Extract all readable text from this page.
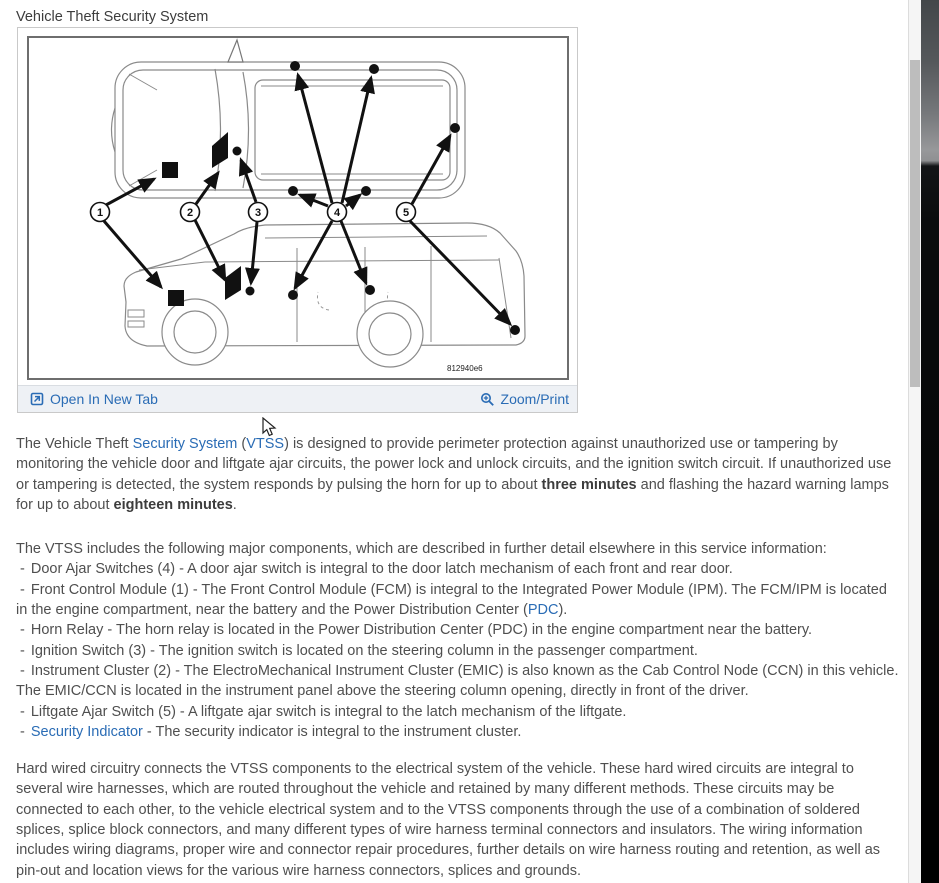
Vehicle Theft Security System
1	2	3	4	5
812940e6
Open In New Tab	Zoom/Print

The Vehicle Theft Security System (VTSS) is designed to provide perimeter protection against unauthorized use or tampering by monitoring the vehicle door and liftgate ajar circuits, the power lock and unlock circuits, and the ignition switch circuit. If unauthorized use or tampering is detected, the system responds by pulsing the horn for up to about three minutes and flashing the hazard warning lamps for up to about eighteen minutes.

The VTSS includes the following major components, which are described in further detail elsewhere in this service information:

- Door Ajar Switches (4) - A door ajar switch is integral to the door latch mechanism of each front and rear door.
- Front Control Module (1) - The Front Control Module (FCM) is integral to the Integrated Power Module (IPM). The FCM/IPM is located in the engine compartment, near the battery and the Power Distribution Center (PDC).
- Horn Relay - The horn relay is located in the Power Distribution Center (PDC) in the engine compartment near the battery.
- Ignition Switch (3) - The ignition switch is located on the steering column in the passenger compartment.
- Instrument Cluster (2) - The ElectroMechanical Instrument Cluster (EMIC) is also known as the Cab Control Node (CCN) in this vehicle. The EMIC/CCN is located in the instrument panel above the steering column opening, directly in front of the driver.
- Liftgate Ajar Switch (5) - A liftgate ajar switch is integral to the latch mechanism of the liftgate.
- Security Indicator - The security indicator is integral to the instrument cluster.

Hard wired circuitry connects the VTSS components to the electrical system of the vehicle. These hard wired circuits are integral to several wire harnesses, which are routed throughout the vehicle and retained by many different methods. These circuits may be connected to each other, to the vehicle electrical system and to the VTSS components through the use of a combination of soldered splices, splice block connectors, and many different types of wire harness terminal connectors and insulators. The wiring information includes wiring diagrams, proper wire and connector repair procedures, further details on wire harness routing and retention, as well as pin-out and location views for the various wire harness connectors, splices and grounds.
